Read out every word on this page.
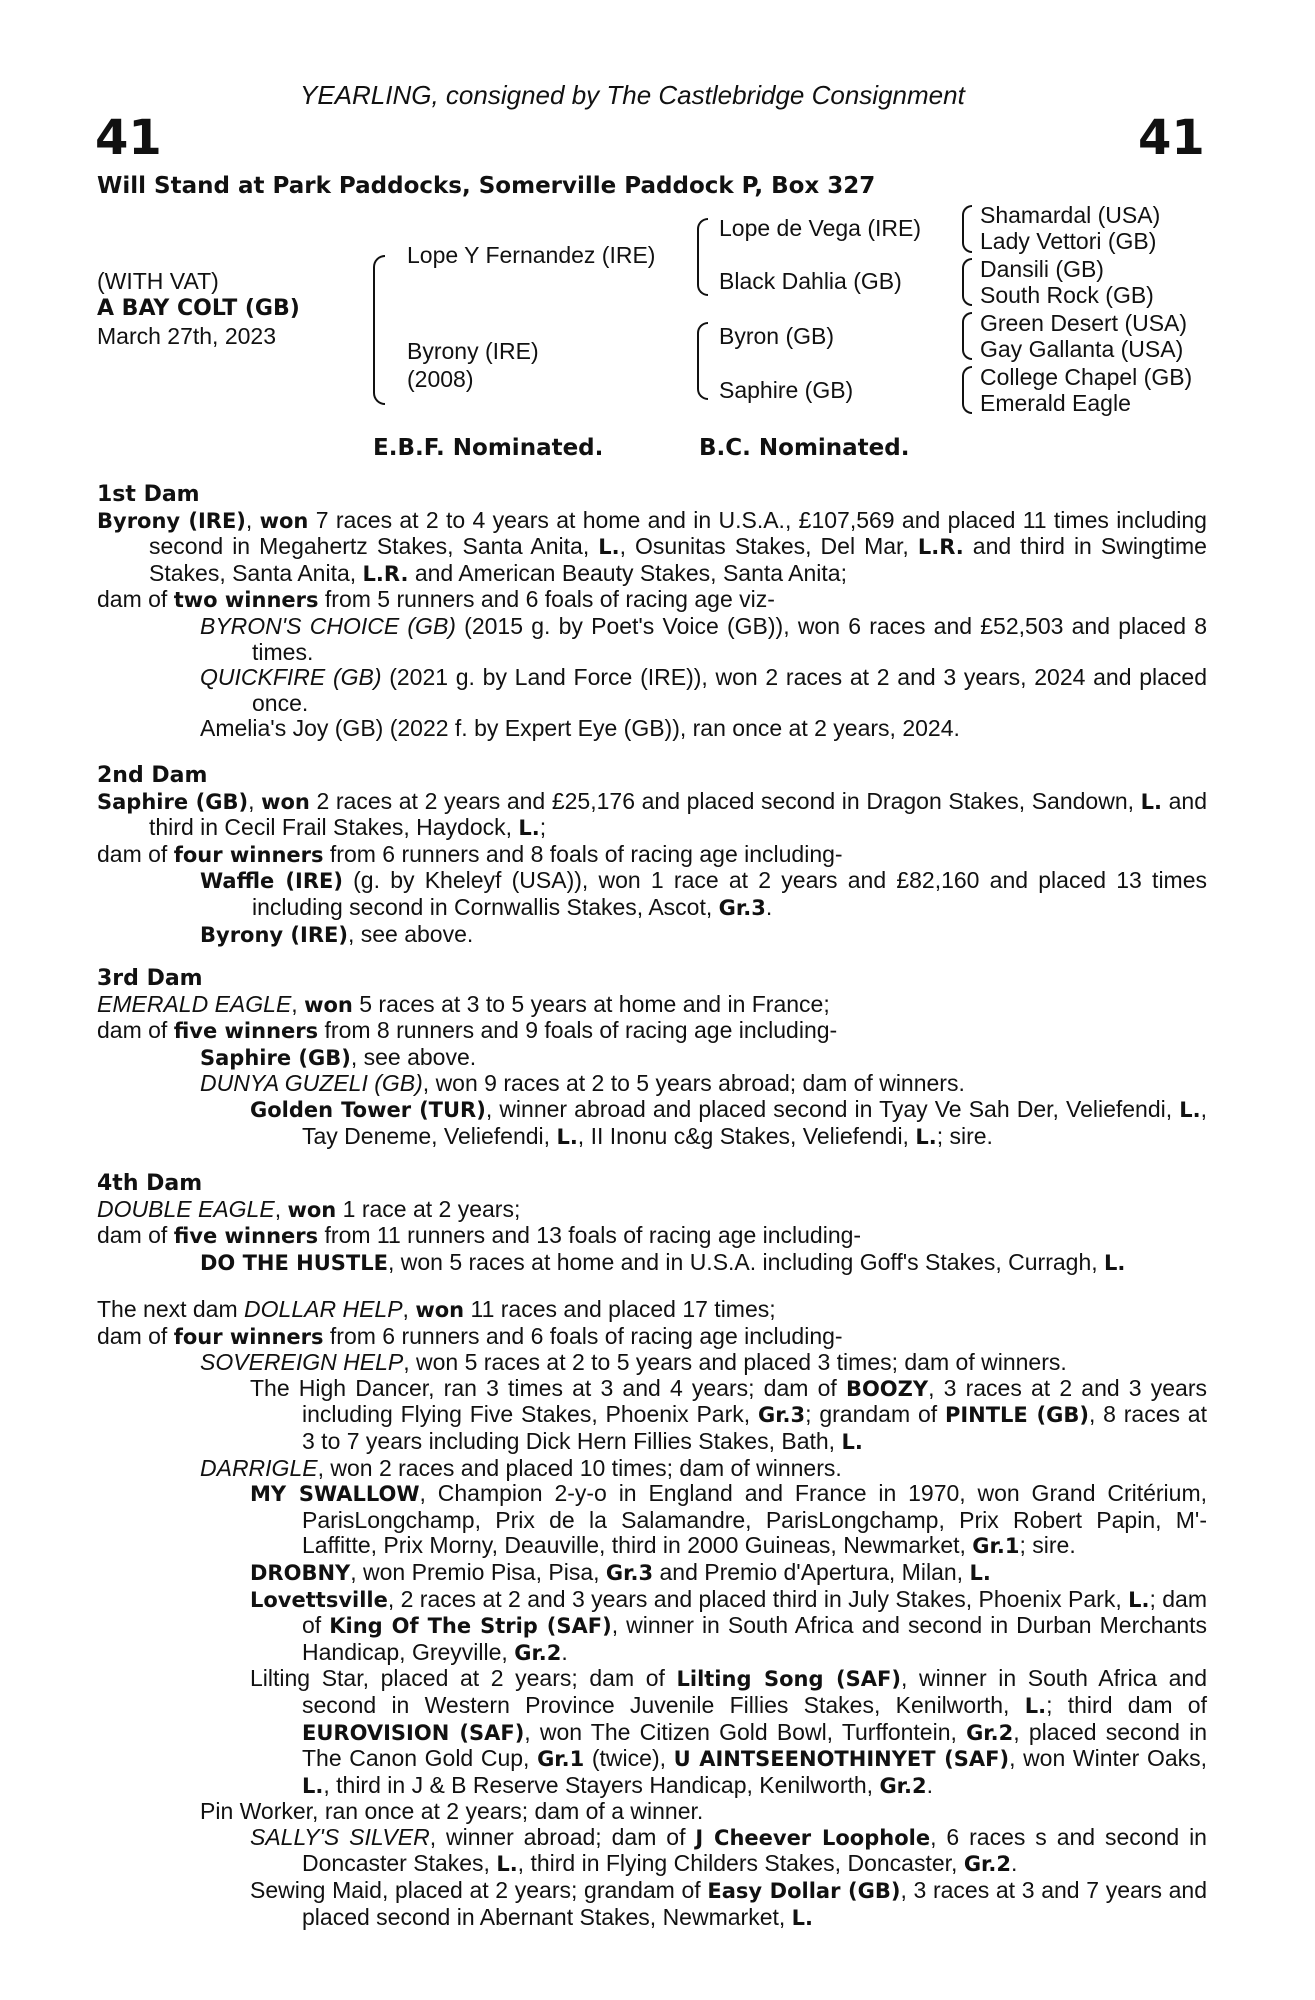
YEARLING, consigned by The Castlebridge Consignment
41	41
Will Stand at Park Paddocks, Somerville Paddock P, Box 327
(WITH VAT)
A BAY COLT (GB)
March 27th, 2023
Lope Y Fernandez (IRE)
Byrony (IRE)
(2008)
Lope de Vega (IRE)
Black Dahlia (GB)
Byron (GB)
Saphire (GB)
Shamardal (USA)
Lady Vettori (GB)
Dansili (GB)
South Rock (GB)
Green Desert (USA)
Gay Gallanta (USA)
College Chapel (GB)
Emerald Eagle
E.B.F. Nominated.	B.C. Nominated.

1st Dam

Byrony (IRE), won 7 races at 2 to 4 years at home and in U.S.A., £107,569 and placed 11 times including second in Megahertz Stakes, Santa Anita, L., Osunitas Stakes, Del Mar, L.R. and third in Swingtime Stakes, Santa Anita, L.R. and American Beauty Stakes, Santa Anita;

dam of two winners from 5 runners and 6 foals of racing age viz-

BYRON'S CHOICE (GB) (2015 g. by Poet's Voice (GB)), won 6 races and £52,503 and placed 8 times.

QUICKFIRE (GB) (2021 g. by Land Force (IRE)), won 2 races at 2 and 3 years, 2024 and placed once.

Amelia's Joy (GB) (2022 f. by Expert Eye (GB)), ran once at 2 years, 2024.

2nd Dam

Saphire (GB), won 2 races at 2 years and £25,176 and placed second in Dragon Stakes, Sandown, L. and third in Cecil Frail Stakes, Haydock, L.;

dam of four winners from 6 runners and 8 foals of racing age including-

Waffle (IRE) (g. by Kheleyf (USA)), won 1 race at 2 years and £82,160 and placed 13 times including second in Cornwallis Stakes, Ascot, Gr.3.

Byrony (IRE), see above.

3rd Dam

EMERALD EAGLE, won 5 races at 3 to 5 years at home and in France;

dam of five winners from 8 runners and 9 foals of racing age including-

Saphire (GB), see above.

DUNYA GUZELI (GB), won 9 races at 2 to 5 years abroad; dam of winners.

Golden Tower (TUR), winner abroad and placed second in Tyay Ve Sah Der, Veliefendi, L., Tay Deneme, Veliefendi, L., II Inonu c&g Stakes, Veliefendi, L.; sire.

4th Dam

DOUBLE EAGLE, won 1 race at 2 years;

dam of five winners from 11 runners and 13 foals of racing age including-

DO THE HUSTLE, won 5 races at home and in U.S.A. including Goff's Stakes, Curragh, L.

The next dam DOLLAR HELP, won 11 races and placed 17 times;

dam of four winners from 6 runners and 6 foals of racing age including-

SOVEREIGN HELP, won 5 races at 2 to 5 years and placed 3 times; dam of winners.

The High Dancer, ran 3 times at 3 and 4 years; dam of BOOZY, 3 races at 2 and 3 years including Flying Five Stakes, Phoenix Park, Gr.3; grandam of PINTLE (GB), 8 races at 3 to 7 years including Dick Hern Fillies Stakes, Bath, L.

DARRIGLE, won 2 races and placed 10 times; dam of winners.

MY SWALLOW, Champion 2-y-o in England and France in 1970, won Grand Critérium, ParisLongchamp, Prix de la Salamandre, ParisLongchamp, Prix Robert Papin, M'-Laffitte, Prix Morny, Deauville, third in 2000 Guineas, Newmarket, Gr.1; sire.

DROBNY, won Premio Pisa, Pisa, Gr.3 and Premio d'Apertura, Milan, L.

Lovettsville, 2 races at 2 and 3 years and placed third in July Stakes, Phoenix Park, L.; dam of King Of The Strip (SAF), winner in South Africa and second in Durban Merchants Handicap, Greyville, Gr.2.

Lilting Star, placed at 2 years; dam of Lilting Song (SAF), winner in South Africa and second in Western Province Juvenile Fillies Stakes, Kenilworth, L.; third dam of EUROVISION (SAF), won The Citizen Gold Bowl, Turffontein, Gr.2, placed second in The Canon Gold Cup, Gr.1 (twice), U AINTSEENOTHINYET (SAF), won Winter Oaks, L., third in J & B Reserve Stayers Handicap, Kenilworth, Gr.2.

Pin Worker, ran once at 2 years; dam of a winner.

SALLY'S SILVER, winner abroad; dam of J Cheever Loophole, 6 races s and second in Doncaster Stakes, L., third in Flying Childers Stakes, Doncaster, Gr.2.

Sewing Maid, placed at 2 years; grandam of Easy Dollar (GB), 3 races at 3 and 7 years and placed second in Abernant Stakes, Newmarket, L.
